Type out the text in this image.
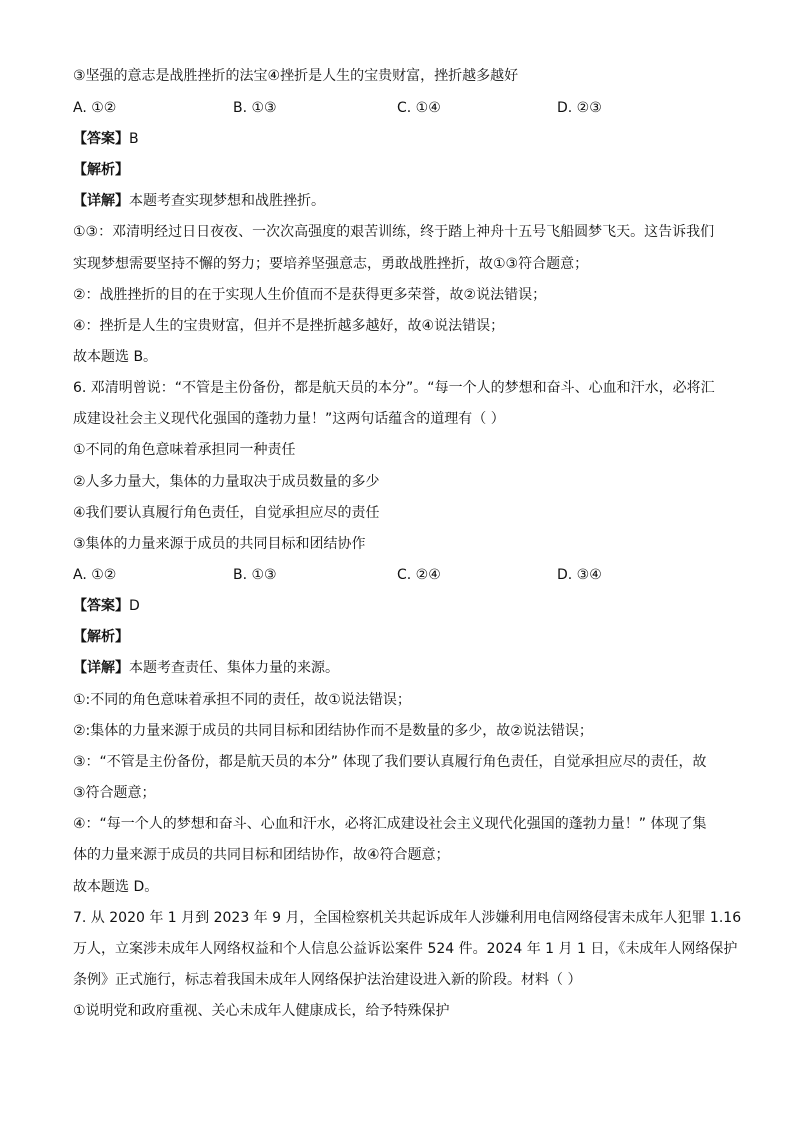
③坚强的意志是战胜挫折的法宝④挫折是人生的宝贵财富，挫折越多越好
A. ①②	B. ①③	C. ①④	D. ②③
【答案】B
【解析】
【详解】本题考查实现梦想和战胜挫折。
①③：邓清明经过日日夜夜、一次次高强度的艰苦训练，终于踏上神舟十五号飞船圆梦飞天。这告诉我们
实现梦想需要坚持不懈的努力；要培养坚强意志，勇敢战胜挫折，故①③符合题意；
②：战胜挫折的目的在于实现人生价值而不是获得更多荣誉，故②说法错误；
④：挫折是人生的宝贵财富，但并不是挫折越多越好，故④说法错误；
故本题选 B。
6. 邓清明曾说：“不管是主份备份，都是航天员的本分”。“每一个人的梦想和奋斗、心血和汗水，必将汇
成建设社会主义现代化强国的蓬勃力量！”这两句话蕴含的道理有（ ）
①不同的角色意味着承担同一种责任
②人多力量大，集体的力量取决于成员数量的多少
④我们要认真履行角色责任，自觉承担应尽的责任
③集体的力量来源于成员的共同目标和团结协作
A. ①②	B. ①③	C. ②④	D. ③④
【答案】D
【解析】
【详解】本题考查责任、集体力量的来源。
①:不同的角色意味着承担不同的责任，故①说法错误；
②:集体的力量来源于成员的共同目标和团结协作而不是数量的多少，故②说法错误；
③：“不管是主份备份，都是航天员的本分” 体现了我们要认真履行角色责任，自觉承担应尽的责任，故
③符合题意；
④：“每一个人的梦想和奋斗、心血和汗水，必将汇成建设社会主义现代化强国的蓬勃力量！” 体现了集
体的力量来源于成员的共同目标和团结协作，故④符合题意；
故本题选 D。
7. 从 2020 年 1 月到 2023 年 9 月，全国检察机关共起诉成年人涉嫌利用电信网络侵害未成年人犯罪 1.16
万人，立案涉未成年人网络权益和个人信息公益诉讼案件 524 件。2024 年 1 月 1 日，《未成年人网络保护
条例》正式施行，标志着我国未成年人网络保护法治建设进入新的阶段。材料（ ）
①说明党和政府重视、关心未成年人健康成长，给予特殊保护
